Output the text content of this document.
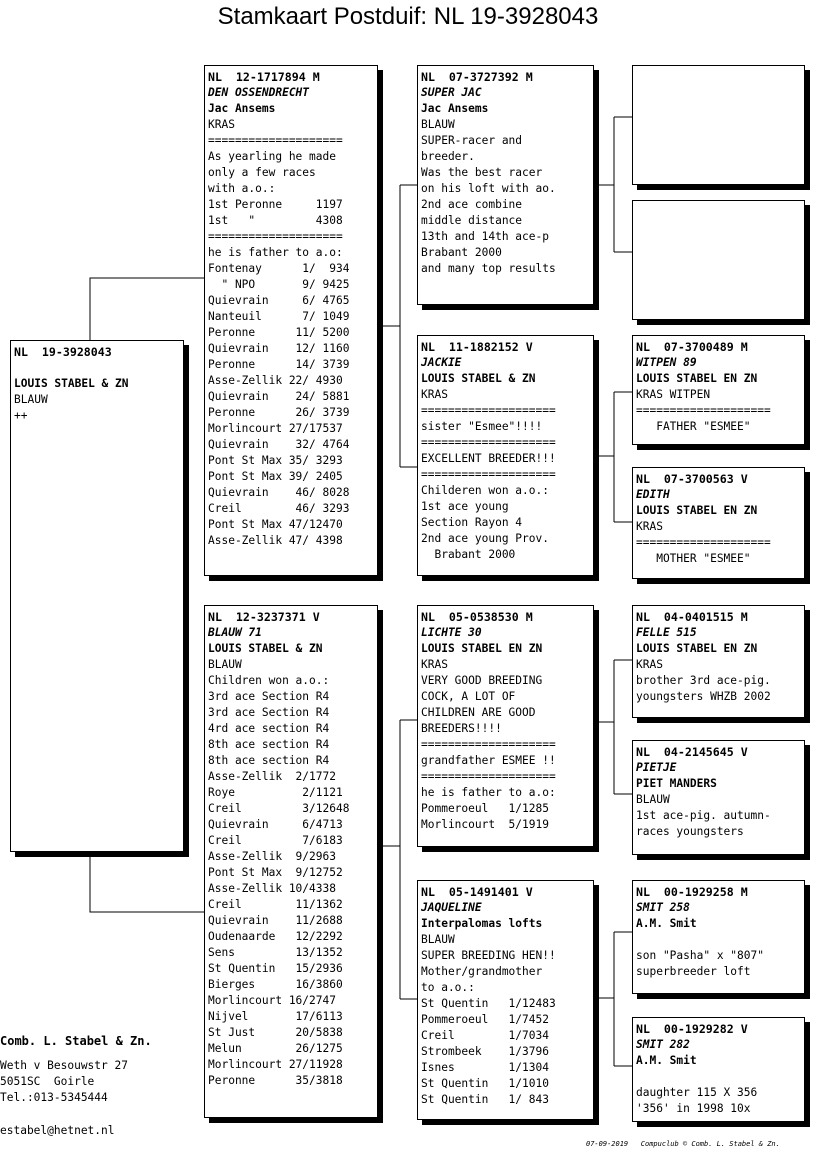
Stamkaart Postduif: NL 19-3928043
NL  19-3928043
LOUIS STABEL & ZN
BLAUW
++
NL  12-1717894 M
DEN OSSENDRECHT
Jac Ansems
KRAS
====================
As yearling he made
only a few races
with a.o.:
1st Peronne     1197
1st   "         4308
====================
he is father to a.o:
Fontenay      1/  934
" NPO       9/ 9425
Quievrain     6/ 4765
Nanteuil      7/ 1049
Peronne      11/ 5200
Quievrain    12/ 1160
Peronne      14/ 3739
Asse-Zellik 22/ 4930
Quievrain    24/ 5881
Peronne      26/ 3739
Morlincourt 27/17537
Quievrain    32/ 4764
Pont St Max 35/ 3293
Pont St Max 39/ 2405
Quievrain    46/ 8028
Creil        46/ 3293
Pont St Max 47/12470
Asse-Zellik 47/ 4398
NL  12-3237371 V
BLAUW 71
LOUIS STABEL & ZN
BLAUW
Children won a.o.:
3rd ace Section R4
3rd ace Section R4
4rd ace section R4
8th ace section R4
8th ace section R4
Asse-Zellik  2/1772
Roye          2/1121
Creil         3/12648
Quievrain     6/4713
Creil         7/6183
Asse-Zellik  9/2963
Pont St Max  9/12752
Asse-Zellik 10/4338
Creil        11/1362
Quievrain    11/2688
Oudenaarde   12/2292
Sens         13/1352
St Quentin   15/2936
Bierges      16/3860
Morlincourt 16/2747
Nijvel       17/6113
St Just      20/5838
Melun        26/1275
Morlincourt 27/11928
Peronne      35/3818
NL  07-3727392 M
SUPER JAC
Jac Ansems
BLAUW
SUPER-racer and
breeder.
Was the best racer
on his loft with ao.
2nd ace combine
middle distance
13th and 14th ace-p
Brabant 2000
and many top results
NL  11-1882152 V
JACKIE
LOUIS STABEL & ZN
KRAS
====================
sister "Esmee"!!!!
====================
EXCELLENT BREEDER!!!
====================
Childeren won a.o.:
1st ace young
Section Rayon 4
2nd ace young Prov.
Brabant 2000
NL  05-0538530 M
LICHTE 30
LOUIS STABEL EN ZN
KRAS
VERY GOOD BREEDING
COCK, A LOT OF
CHILDREN ARE GOOD
BREEDERS!!!!
====================
grandfather ESMEE !!
====================
he is father to a.o:
Pommeroeul   1/1285
Morlincourt  5/1919
NL  05-1491401 V
JAQUELINE
Interpalomas lofts
BLAUW
SUPER BREEDING HEN!!
Mother/grandmother
to a.o.:
St Quentin   1/12483
Pommeroeul   1/7452
Creil        1/7034
Strombeek    1/3796
Isnes        1/1304
St Quentin   1/1010
St Quentin   1/ 843
NL  07-3700489 M
WITPEN 89
LOUIS STABEL EN ZN
KRAS WITPEN
====================
FATHER "ESMEE"
NL  07-3700563 V
EDITH
LOUIS STABEL EN ZN
KRAS
====================
MOTHER "ESMEE"
NL  04-0401515 M
FELLE 515
LOUIS STABEL EN ZN
KRAS
brother 3rd ace-pig.
youngsters WHZB 2002
NL  04-2145645 V
PIETJE
PIET MANDERS
BLAUW
1st ace-pig. autumn-
races youngsters
NL  00-1929258 M
SMIT 258
A.M. Smit
son "Pasha" x "807"
superbreeder loft
NL  00-1929282 V
SMIT 282
A.M. Smit
daughter 115 X 356
'356' in 1998 10x
Comb. L. Stabel & Zn.
Weth v Besouwstr 27
5051SC  Goirle
Tel.:013-5345444
estabel@hetnet.nl
07-09-2019   Compuclub © Comb. L. Stabel & Zn.
